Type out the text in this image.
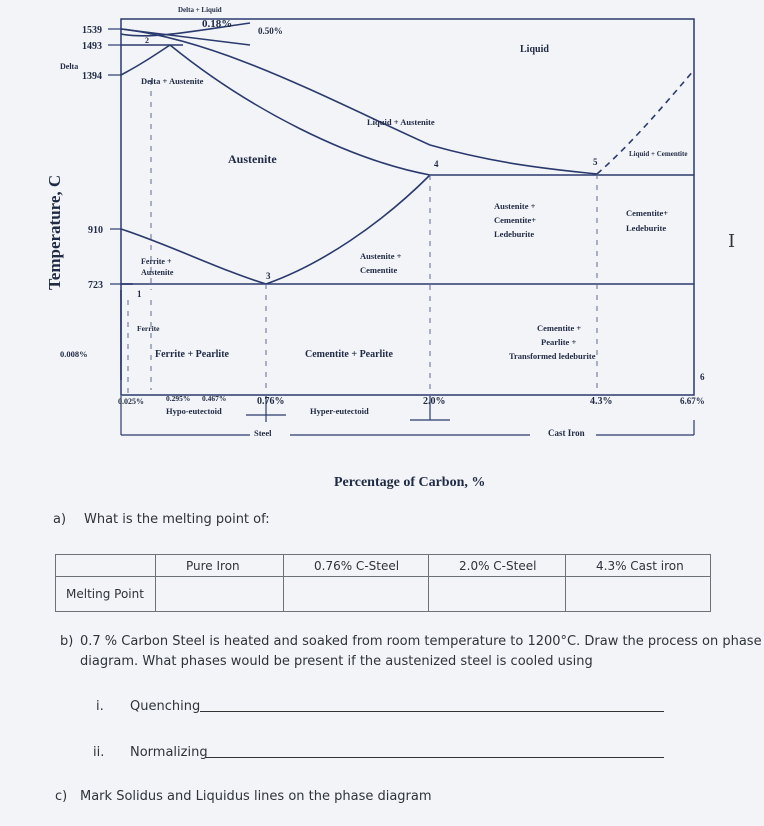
Temperature, C
1539
1493
Delta
1394
910
723
Delta + Liquid
0.18%
0.50%
Liquid
Delta + Austenite
Liquid + Austenite
Austenite	Liquid + Cementite
Austenite +
Cementite+
Ledeburite
Cementite+
Ledeburite
Ferrite +
Austenite
Austenite +
Cementite
Ferrite
Ferrite + Pearlite	Cementite + Pearlite
Cementite +
Pearlite +
Transformed ledeburite
0.008%
1
2
3
4	5
6
0.025%	0.295% 0.467%
Hypo-eutectoid
0.76%
Steel
Hyper-eutectoid
2.0%	4.3%
Cast Iron
6.67%
Percentage of Carbon, %
I
a) What is the melting point of:
	Pure Iron	0.76% C-Steel	2.0% C-Steel	4.3% Cast iron
Melting Point				
b) 0.7 % Carbon Steel is heated and soaked from room temperature to 1200°C. Draw the process on phase
diagram. What phases would be present if the austenized steel is cooled using
i. Quenching
ii. Normalizing
c) Mark Solidus and Liquidus lines on the phase diagram
